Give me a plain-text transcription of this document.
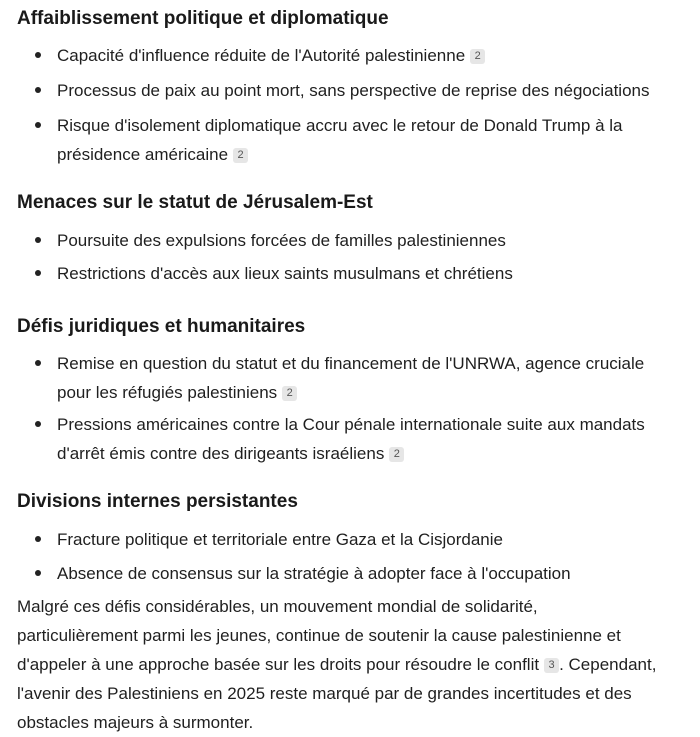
Affaiblissement politique et diplomatique
Capacité d'influence réduite de l'Autorité palestinienne 2
Processus de paix au point mort, sans perspective de reprise des négociations
Risque d'isolement diplomatique accru avec le retour de Donald Trump à la
présidence américaine 2
Menaces sur le statut de Jérusalem-Est
Poursuite des expulsions forcées de familles palestiniennes
Restrictions d'accès aux lieux saints musulmans et chrétiens
Défis juridiques et humanitaires
Remise en question du statut et du financement de l'UNRWA, agence cruciale
pour les réfugiés palestiniens 2
Pressions américaines contre la Cour pénale internationale suite aux mandats
d'arrêt émis contre des dirigeants israéliens 2
Divisions internes persistantes
Fracture politique et territoriale entre Gaza et la Cisjordanie
Absence de consensus sur la stratégie à adopter face à l'occupation
Malgré ces défis considérables, un mouvement mondial de solidarité,
particulièrement parmi les jeunes, continue de soutenir la cause palestinienne et
d'appeler à une approche basée sur les droits pour résoudre le conflit 3 . Cependant,
l'avenir des Palestiniens en 2025 reste marqué par de grandes incertitudes et des
obstacles majeurs à surmonter.
